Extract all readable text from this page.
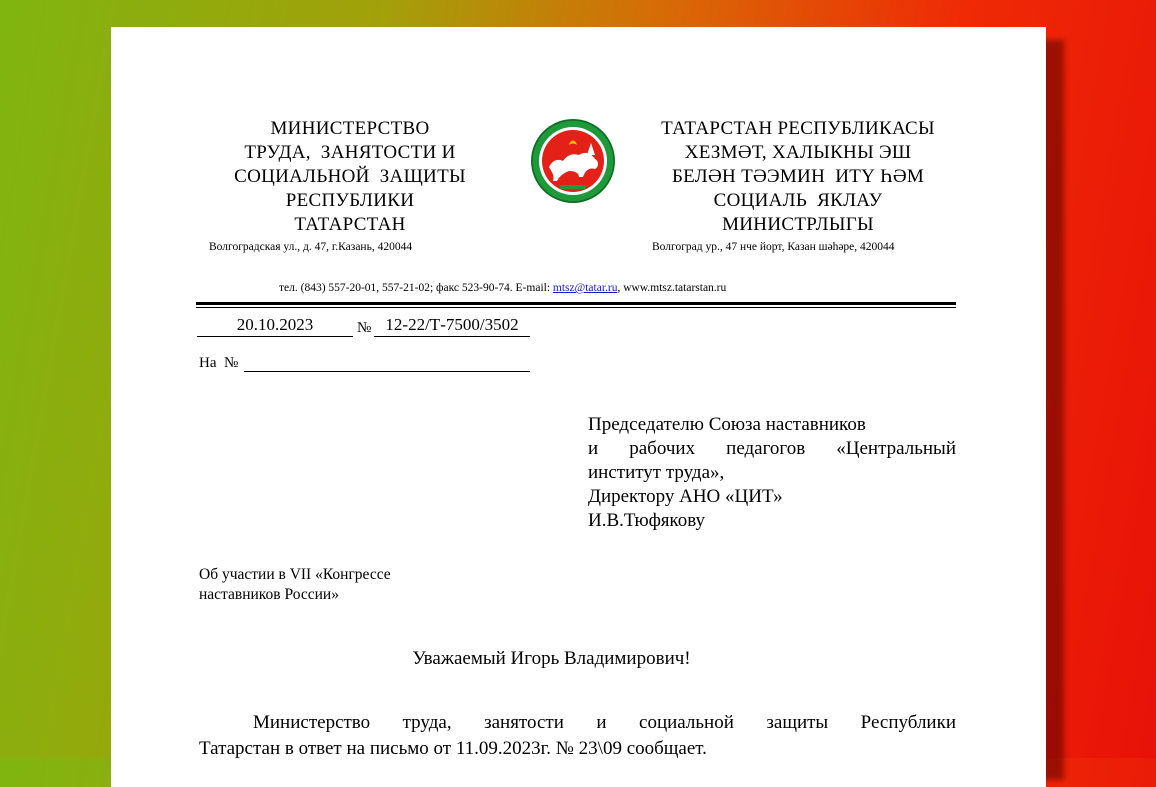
МИНИСТЕРСТВО
ТРУДА,  ЗАНЯТОСТИ И
СОЦИАЛЬНОЙ  ЗАЩИТЫ
РЕСПУБЛИКИ
ТАТАРСТАН
Волгоградская ул., д. 47, г.Казань, 420044
ТАТАРСТАН РЕСПУБЛИКАСЫ
ХЕЗМӘТ, ХАЛЫКНЫ ЭШ
БЕЛӘН ТӘЭМИН  ИТҮ ҺӘМ
СОЦИАЛЬ  ЯКЛАУ
МИНИСТРЛЫГЫ
Волгоград ур., 47 нче йорт, Казан шәһәре, 420044
тел. (843) 557-20-01, 557-21-02; факс 523-90-74. E-mail: mtsz@tatar.ru, www.mtsz.tatarstan.ru
20.10.2023	№ 12-22/Т-7500/3502
На  №
Председателю Союза наставников
и рабочих педагогов «Центральный
институт труда»,
Директору АНО «ЦИТ»
И.В.Тюфякову
Об участии в VII «Конгрессе
наставников России»
Уважаемый Игорь Владимирович!
Министерство труда, занятости и социальной защиты Республики
Татарстан в ответ на письмо от 11.09.2023г. № 23\09 сообщает.
